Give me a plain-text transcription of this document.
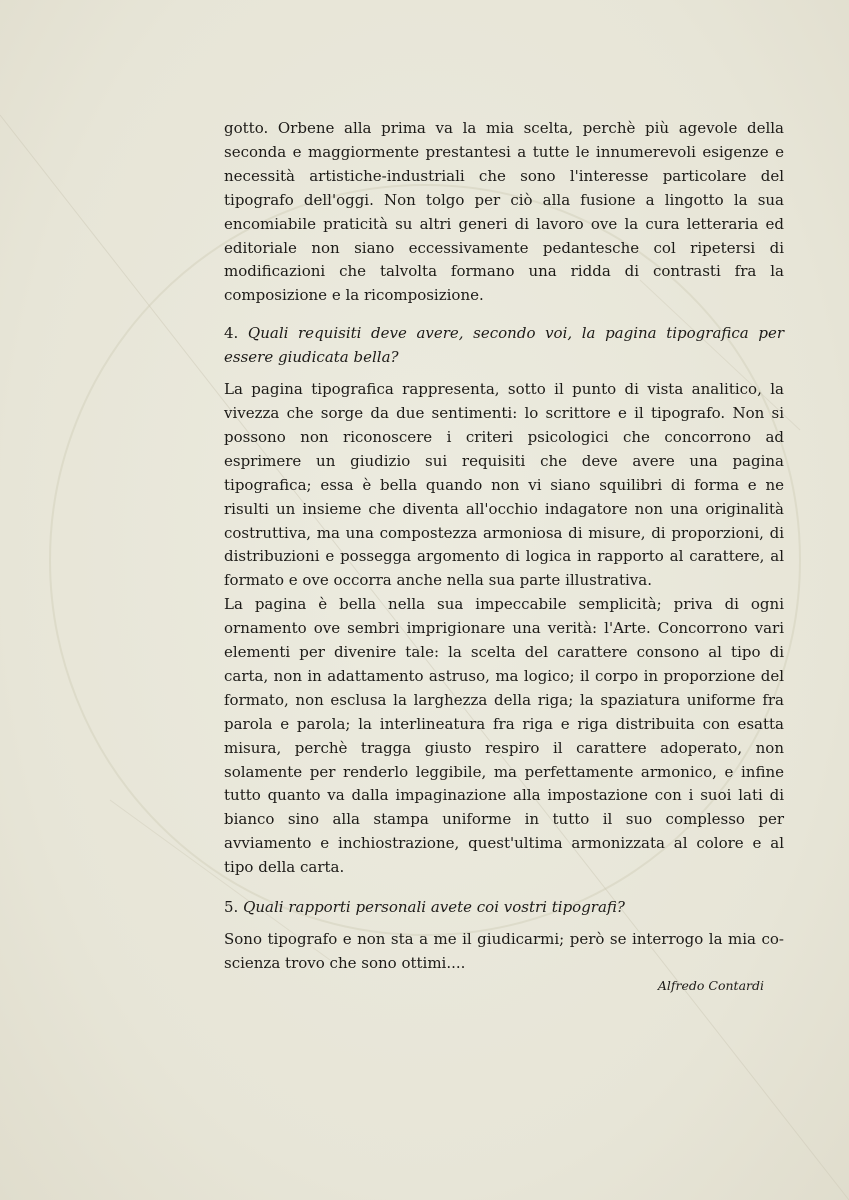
gotto. Orbene alla prima va la mia scelta, perchè più agevole della seconda e maggiormente prestantesi a tutte le innumerevoli esigenze e necessità artistiche-industriali che sono l'interesse particolare del tipografo dell'oggi. Non tolgo per ciò alla fusione a lingotto la sua encomiabile praticità su altri generi di lavoro ove la cura letteraria ed editoriale non siano eccessivamente pedantesche col ripetersi di modificazioni che talvolta formano una ridda di contrasti fra la composizione e la ricomposizione.

4. Quali requisiti deve avere, secondo voi, la pagina tipografica per essere giudicata bella?

La pagina tipografica rappresenta, sotto il punto di vista analitico, la vivezza che sorge da due sentimenti: lo scrittore e il tipografo. Non si possono non riconoscere i criteri psicologici che concorrono ad esprimere un giudizio sui requisiti che deve avere una pagina tipografica; essa è bella quando non vi siano squilibri di forma e ne risulti un insieme che diventa all'occhio indagatore non una originalità costruttiva, ma una compostezza armoniosa di misure, di proporzioni, di distribuzioni e possegga argomento di logica in rapporto al carattere, al formato e ove occorra anche nella sua parte illustrativa.

La pagina è bella nella sua impeccabile semplicità; priva di ogni ornamento ove sembri imprigionare una verità: l'Arte. Concorrono vari elementi per divenire tale: la scelta del carattere consono al tipo di carta, non in adattamento astruso, ma logico; il corpo in proporzione del formato, non esclusa la larghezza della riga; la spaziatura uniforme fra parola e parola; la interlineatura fra riga e riga distribuita con esatta misura, perchè tragga giusto respiro il carattere adoperato, non solamente per renderlo leggibile, ma perfettamente armonico, e infine tutto quanto va dalla impaginazione alla impostazione con i suoi lati di bianco sino alla stampa uniforme in tutto il suo complesso per avviamento e inchiostrazione, quest'ultima armonizzata al colore e al tipo della carta.

5. Quali rapporti personali avete coi vostri tipografi?

Sono tipografo e non sta a me il giudicarmi; però se interrogo la mia coscienza trovo che sono ottimi....

Alfredo Contardi
